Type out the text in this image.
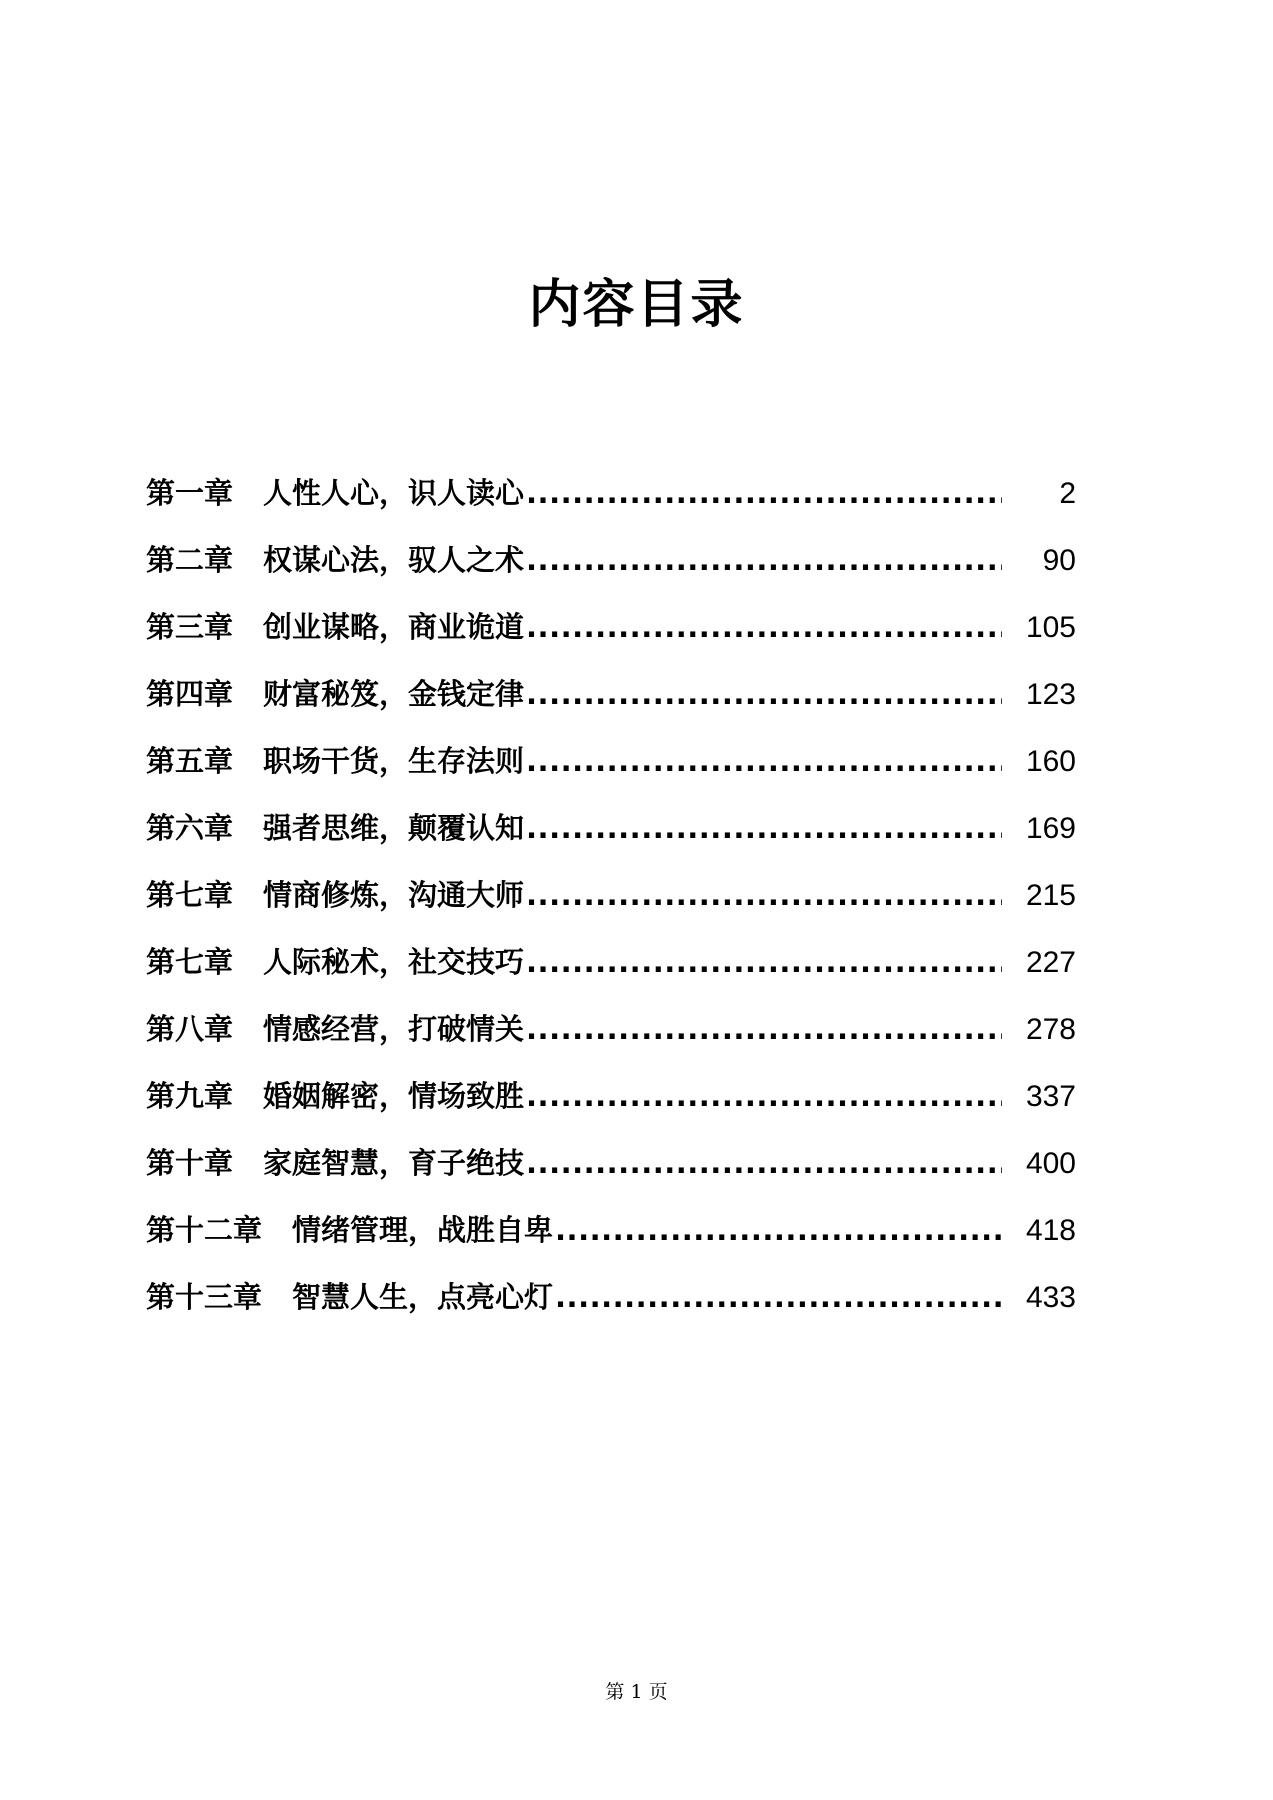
内容目录
第一章 人性人心，识人读心 .....	2
第二章 权谋心法，驭人之术 .....	90
第三章 创业谋略，商业诡道 .....	105
第四章 财富秘笈，金钱定律 .....	123
第五章 职场干货，生存法则 .....	160
第六章 强者思维，颠覆认知 .....	169
第七章 情商修炼，沟通大师 .....	215
第七章 人际秘术，社交技巧 .....	227
第八章 情感经营，打破情关 .....	278
第九章 婚姻解密，情场致胜 .....	337
第十章 家庭智慧，育子绝技 .....	400
第十二章 情绪管理，战胜自卑 .....	418
第十三章 智慧人生，点亮心灯 .....	433
第 1 页
